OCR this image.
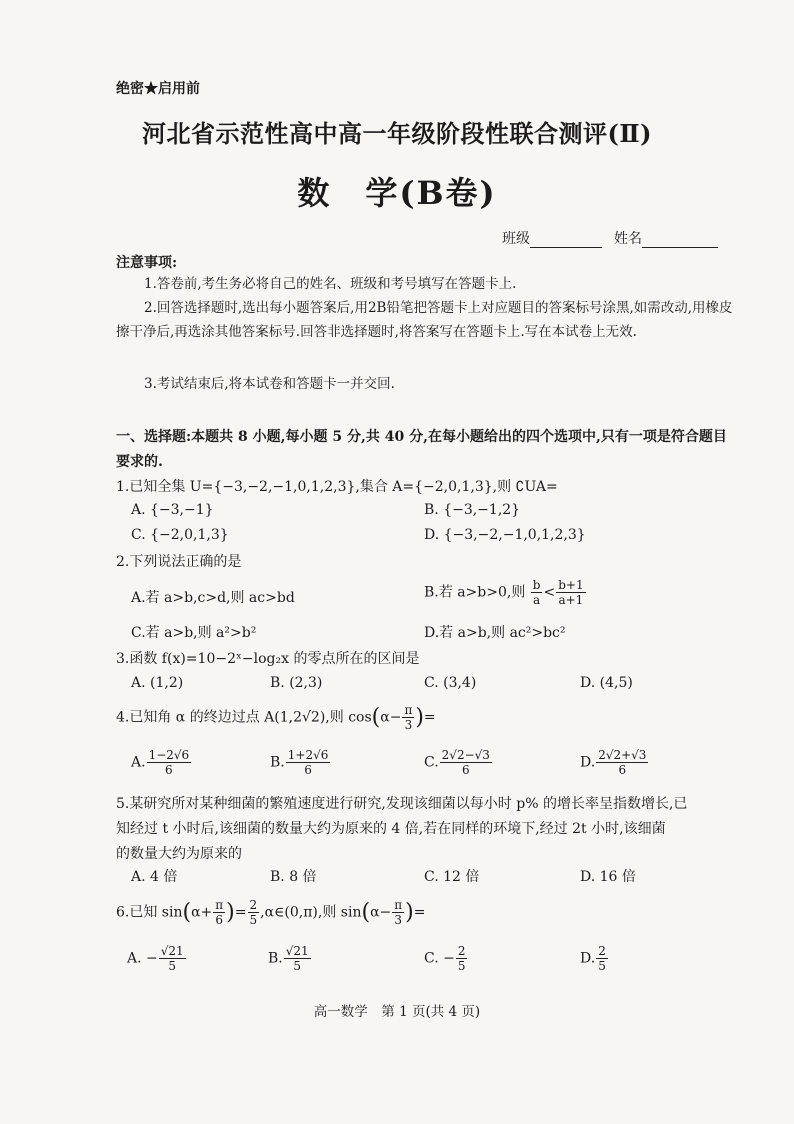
绝密★启用前
河北省示范性高中高一年级阶段性联合测评(Ⅱ)
数　学(B卷)
班级	姓名
注意事项:
1.答卷前,考生务必将自己的姓名、班级和考号填写在答题卡上.
2.回答选择题时,选出每小题答案后,用2B铅笔把答题卡上对应题目的答案标号涂黑,如需改动,用橡皮擦干净后,再选涂其他答案标号.回答非选择题时,将答案写在答题卡上.写在本试卷上无效.
3.考试结束后,将本试卷和答题卡一并交回.
一、选择题:本题共 8 小题,每小题 5 分,共 40 分,在每小题给出的四个选项中,只有一项是符合题目要求的.
1.已知全集 U={−3,−2,−1,0,1,2,3},集合 A={−2,0,1,3},则 ∁UA=
A. {−3,−1}	B. {−3,−1,2}
C. {−2,0,1,3}	D. {−3,−2,−1,0,1,2,3}
2.下列说法正确的是
A.若 a>b,c>d,则 ac>bd	B.若 a>b>0,则 $\frac{b}{a} < \frac{b+1}{a+1}$
C.若 a>b,则 a²>b²	D.若 a>b,则 ac²>bc²
3.函数 f(x)=10−2ˣ−log₂x 的零点所在的区间是
A. (1,2)	B. (2,3)	C. (3,4)	D. (4,5)
4.已知角 α 的终边过点 A(1,2√2),则 $\cos(\alpha- \frac{\pi}{3}$ )=
A. $\frac{1-2√6}{6}$	B. $\frac{1+2√6}{6}$	C. $\frac{2√2-√3}{6}$	D. $\frac{2√2+√3}{6}$
5.某研究所对某种细菌的繁殖速度进行研究,发现该细菌以每小时 p% 的增长率呈指数增长,已
知经过 t 小时后,该细菌的数量大约为原来的 4 倍,若在同样的环境下,经过 2t 小时,该细菌
的数量大约为原来的
A. 4 倍	B. 8 倍	C. 12 倍	D. 16 倍
6.已知 $\sin(\alpha+ \frac{\pi}{6}$ )= $\frac{2}{5}$ ,α∈(0,π),则 $\sin(\alpha- \frac{\pi}{3}$ )=
A. − $\frac{√21}{5}$	B. $\frac{√21}{5}$	C. − $\frac{2}{5}$	D. $\frac{2}{5}$
高一数学　第 1 页(共 4 页)
